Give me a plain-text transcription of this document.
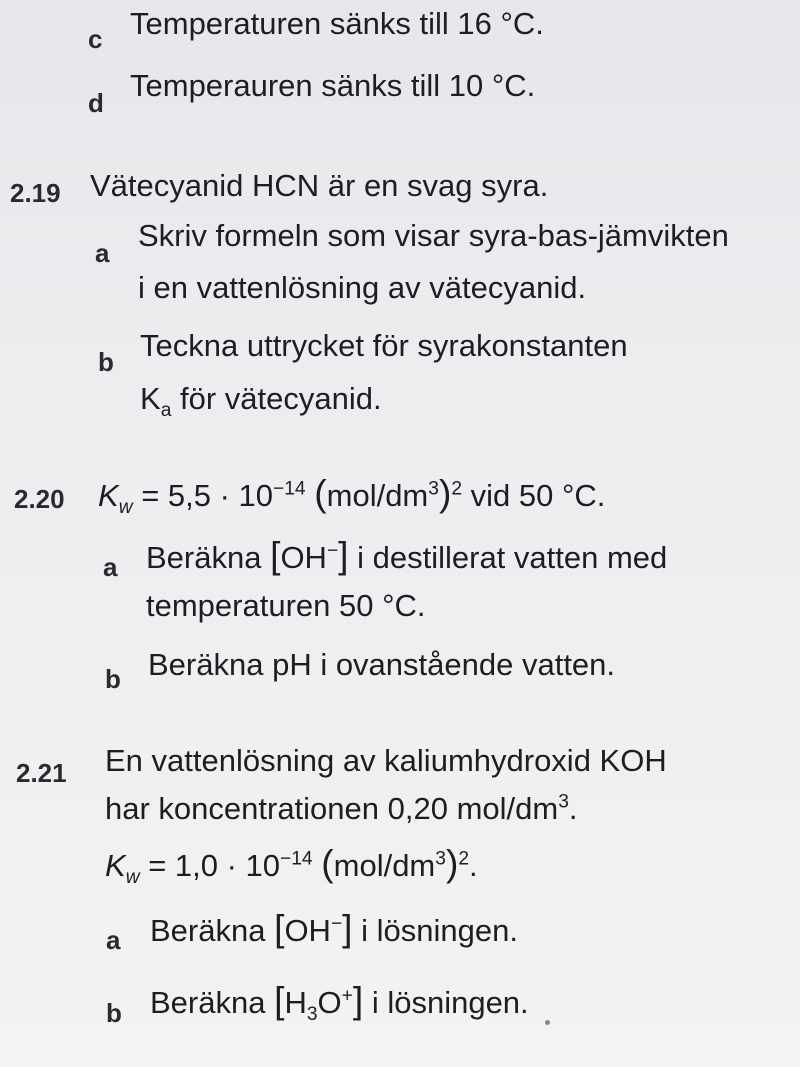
c Temperaturen sänks till 16 °C.
d Temperauren sänks till 10 °C.
2.19 Vätecyanid HCN är en svag syra.
a Skriv formeln som visar syra-bas-jämvikten
i en vattenlösning av vätecyanid.
b Teckna uttrycket för syrakonstanten
$K_a$ för vätecyanid.
2.20 $K_w = 5,5 \cdot 10^{-14}$ $(mol/dm^3)^2$ vid 50 °C.
a Beräkna [OH−] i destillerat vatten med
temperaturen 50 °C.
b Beräkna pH i ovanstående vatten.
2.21 En vattenlösning av kaliumhydroxid KOH
har koncentrationen 0,20 mol/$dm^3$.
$K_w = 1,0 \cdot 10^{-14}$ $(mol/dm^3)^2$.
a Beräkna [OH−] i lösningen.
b Beräkna $[H_3O^+]$ i lösningen.
